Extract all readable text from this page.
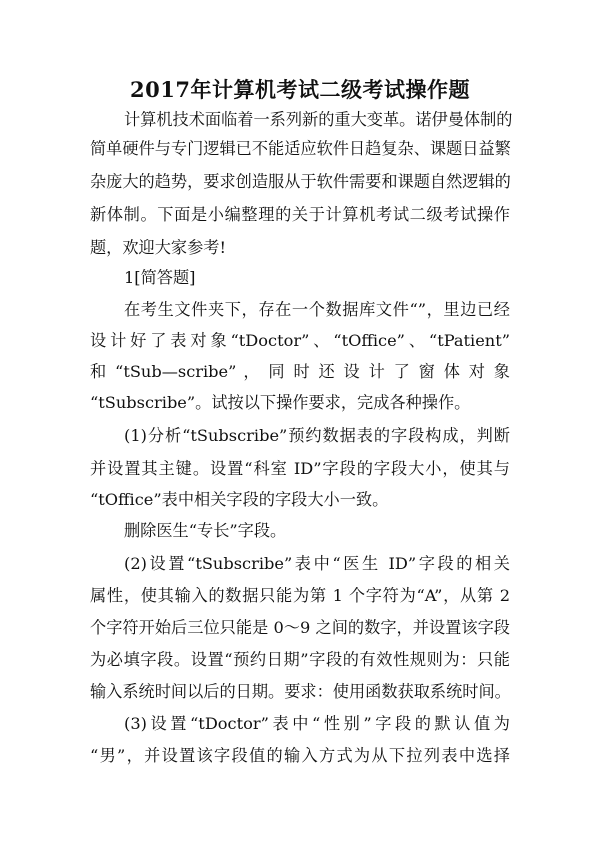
2017年计算机考试二级考试操作题
计算机技术面临着一系列新的重大变革。诺伊曼体制的
简单硬件与专门逻辑已不能适应软件日趋复杂、课题日益繁
杂庞大的趋势，要求创造服从于软件需要和课题自然逻辑的
新体制。下面是小编整理的关于计算机考试二级考试操作
题，欢迎大家参考!
1[简答题]
在考生文件夹下，存在一个数据库文件“”，里边已经
设计好了表对象“tDoctor”、“tOffice”、“tPatient”
和 “tSub—scribe” ， 同 时 还 设 计 了 窗 体 对 象
“tSubscribe”。试按以下操作要求，完成各种操作。
(1)分析“tSubscribe”预约数据表的字段构成，判断
并设置其主键。设置“科室 ID”字段的字段大小，使其与
“tOffice”表中相关字段的字段大小一致。
删除医生“专长”字段。
(2)设置“tSubscribe”表中“医生 ID”字段的相关
属性，使其输入的数据只能为第 1 个字符为“A”，从第 2
个字符开始后三位只能是 0～9 之间的数字，并设置该字段
为必填字段。设置“预约日期”字段的有效性规则为：只能
输入系统时间以后的日期。要求：使用函数获取系统时间。
(3)设置“tDoctor”表中“性别”字段的默认值为
“男”，并设置该字段值的输入方式为从下拉列表中选择
